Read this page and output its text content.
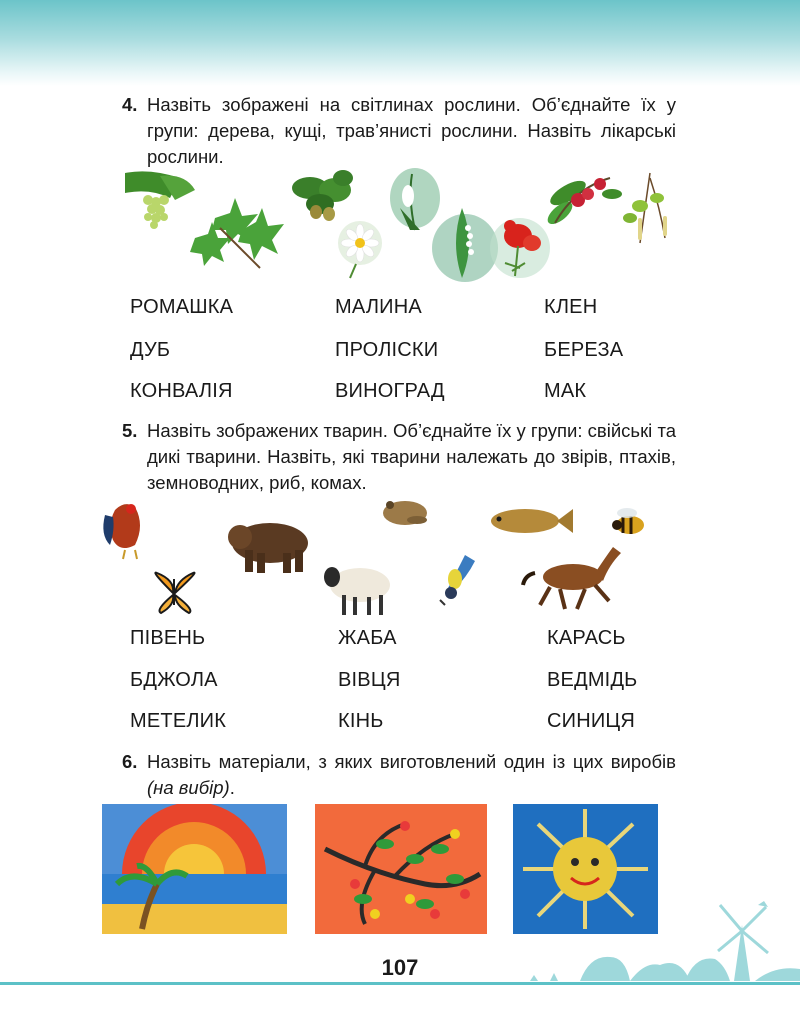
4. Назвіть зображені на світлинах рослини. Об’єднайте їх у групи: дерева, кущі, трав’янисті рослини. Назвіть лікарські рослини.
РОМАШКА
ДУБ
КОНВАЛІЯ
МАЛИНА
ПРОЛІСКИ
ВИНОГРАД
КЛЕН
БЕРЕЗА
МАК
5. Назвіть зображених тварин. Об’єднайте їх у групи: свійські та дикі тварини. Назвіть, які тварини належать до звірів, птахів, земноводних, риб, комах.
ПІВЕНЬ
БДЖОЛА
МЕТЕЛИК
ЖАБА
ВІВЦЯ
КІНЬ
КАРАСЬ
ВЕДМІДЬ
СИНИЦЯ
6. Назвіть матеріали, з яких виготовлений один із цих виробів (на вибір).
107
